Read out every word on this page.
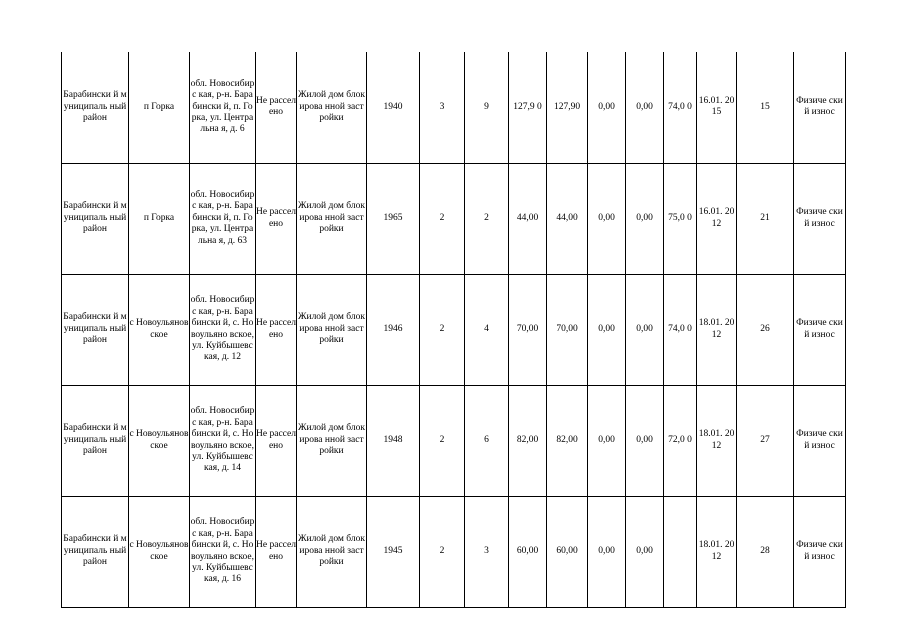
Барабински й муниципаль ный район	п Горка	обл. Новосибирс кая, р-н. Барабински й, п. Горка, ул. Центральна я, д. 6	Не рассел ено	Жилой дом блокирова нной застройки	1940	3	9	127,9 0	127,90	0,00	0,00	74,0 0	16.01. 2015	15	Физиче ский износ
Барабински й муниципаль ный район	п Горка	обл. Новосибирс кая, р-н. Барабински й, п. Горка, ул. Центральна я, д. 63	Не рассел ено	Жилой дом блокирова нной застройки	1965	2	2	44,00	44,00	0,00	0,00	75,0 0	16.01. 2012	21	Физиче ский износ
Барабински й муниципаль ный район	с Новоульяновское	обл. Новосибирс кая, р-н. Барабински й, с. Новоульяно вское, ул. Куйбышевс кая, д. 12	Не рассел ено	Жилой дом блокирова нной застройки	1946	2	4	70,00	70,00	0,00	0,00	74,0 0	18.01. 2012	26	Физиче ский износ
Барабински й муниципаль ный район	с Новоульяновское	обл. Новосибирс кая, р-н. Барабински й, с. Новоульяно вское, ул. Куйбышевс кая, д. 14	Не рассел ено	Жилой дом блокирова нной застройки	1948	2	6	82,00	82,00	0,00	0,00	72,0 0	18.01. 2012	27	Физиче ский износ
Барабински й муниципаль ный район	с Новоульяновское	обл. Новосибирс кая, р-н. Барабински й, с. Новоульяно вское, ул. Куйбышевс кая, д. 16	Не рассел ено	Жилой дом блокирова нной застройки	1945	2	3	60,00	60,00	0,00	0,00		18.01. 2012	28	Физиче ский износ
